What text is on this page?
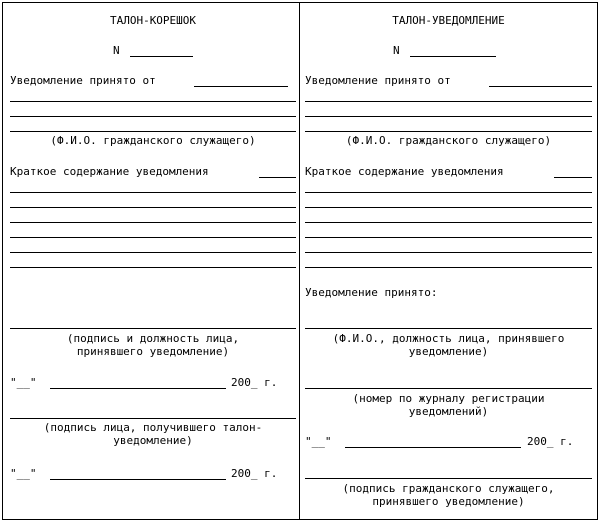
ТАЛОН-КОРЕШОК
N
Уведомление принято от
(Ф.И.О. гражданского служащего)
Краткое содержание уведомления
(подпись и должность лица,
принявшего уведомление)
"__"	200_ г.
(подпись лица, получившего талон-
уведомление)
"__"	200_ г.
ТАЛОН-УВЕДОМЛЕНИЕ
N
Уведомление принято от
(Ф.И.О. гражданского служащего)
Краткое содержание уведомления
Уведомление принято:
(Ф.И.О., должность лица, принявшего
уведомление)
(номер по журналу регистрации
уведомлений)
"__"	200_ г.
(подпись гражданского служащего,
принявшего уведомление)
